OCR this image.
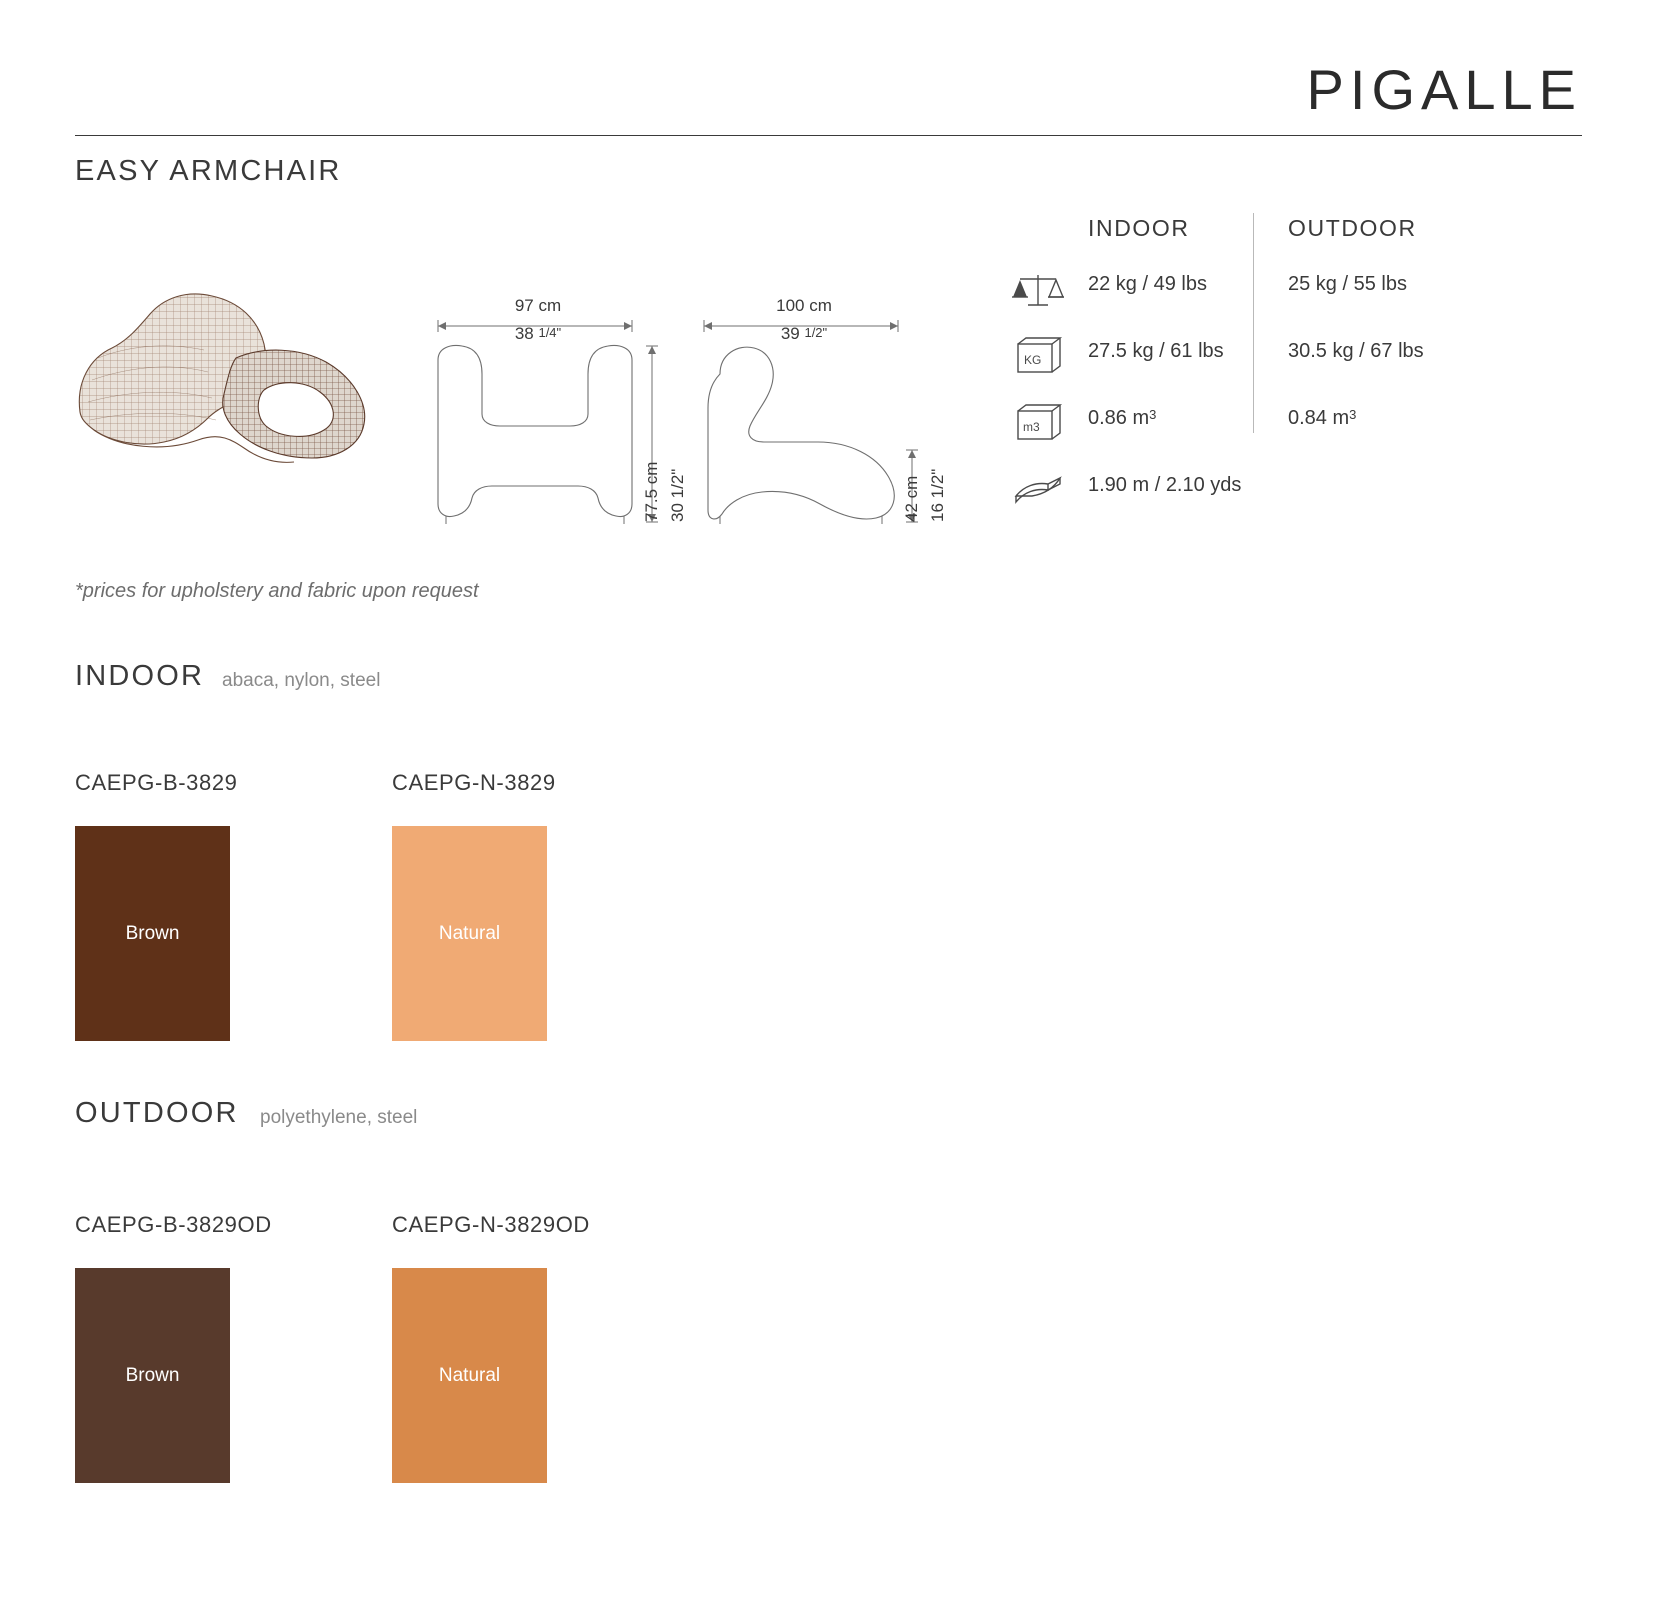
PIGALLE
EASY ARMCHAIR
97 cm
38 1/4"
100 cm
39 1/2"
77.5 cm 30 1/2"	42 cm 16 1/2"
INDOOR	OUTDOOR
22 kg / 49 lbs	25 kg / 55 lbs
KG 27.5 kg / 61 lbs	30.5 kg / 67 lbs
m3 0.86 $m^3$	0.84 $m^3$
1.90 m / 2.10 yds
*prices for upholstery and fabric upon request
INDOOR abaca, nylon, steel
CAEPG-B-3829
Brown
CAEPG-N-3829
Natural
OUTDOOR polyethylene, steel
CAEPG-B-3829OD
Brown
CAEPG-N-3829OD
Natural
